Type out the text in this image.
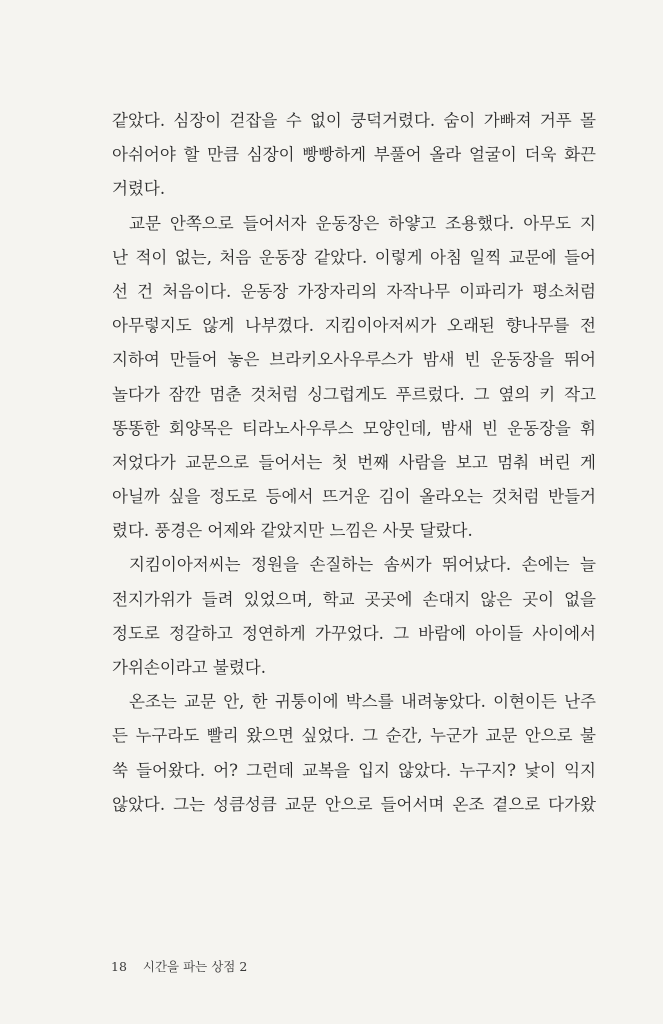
같았다. 심장이 걷잡을 수 없이 쿵덕거렸다. 숨이 가빠져 거푸 몰
아쉬어야 할 만큼 심장이 빵빵하게 부풀어 올라 얼굴이 더욱 화끈
거렸다.
교문 안쪽으로 들어서자 운동장은 하얗고 조용했다. 아무도 지
난 적이 없는, 처음 운동장 같았다. 이렇게 아침 일찍 교문에 들어
선 건 처음이다. 운동장 가장자리의 자작나무 이파리가 평소처럼
아무렇지도 않게 나부꼈다. 지킴이아저씨가 오래된 향나무를 전
지하여 만들어 놓은 브라키오사우루스가 밤새 빈 운동장을 뛰어
놀다가 잠깐 멈춘 것처럼 싱그럽게도 푸르렀다. 그 옆의 키 작고
똥똥한 회양목은 티라노사우루스 모양인데, 밤새 빈 운동장을 휘
저었다가 교문으로 들어서는 첫 번째 사람을 보고 멈춰 버린 게
아닐까 싶을 정도로 등에서 뜨거운 김이 올라오는 것처럼 반들거
렸다. 풍경은 어제와 같았지만 느낌은 사뭇 달랐다.
지킴이아저씨는 정원을 손질하는 솜씨가 뛰어났다. 손에는 늘
전지가위가 들려 있었으며, 학교 곳곳에 손대지 않은 곳이 없을
정도로 정갈하고 정연하게 가꾸었다. 그 바람에 아이들 사이에서
가위손이라고 불렸다.
온조는 교문 안, 한 귀퉁이에 박스를 내려놓았다. 이현이든 난주
든 누구라도 빨리 왔으면 싶었다. 그 순간, 누군가 교문 안으로 불
쑥 들어왔다. 어? 그런데 교복을 입지 않았다. 누구지? 낯이 익지
않았다. 그는 성큼성큼 교문 안으로 들어서며 온조 곁으로 다가왔
18 시간을 파는 상점 2
